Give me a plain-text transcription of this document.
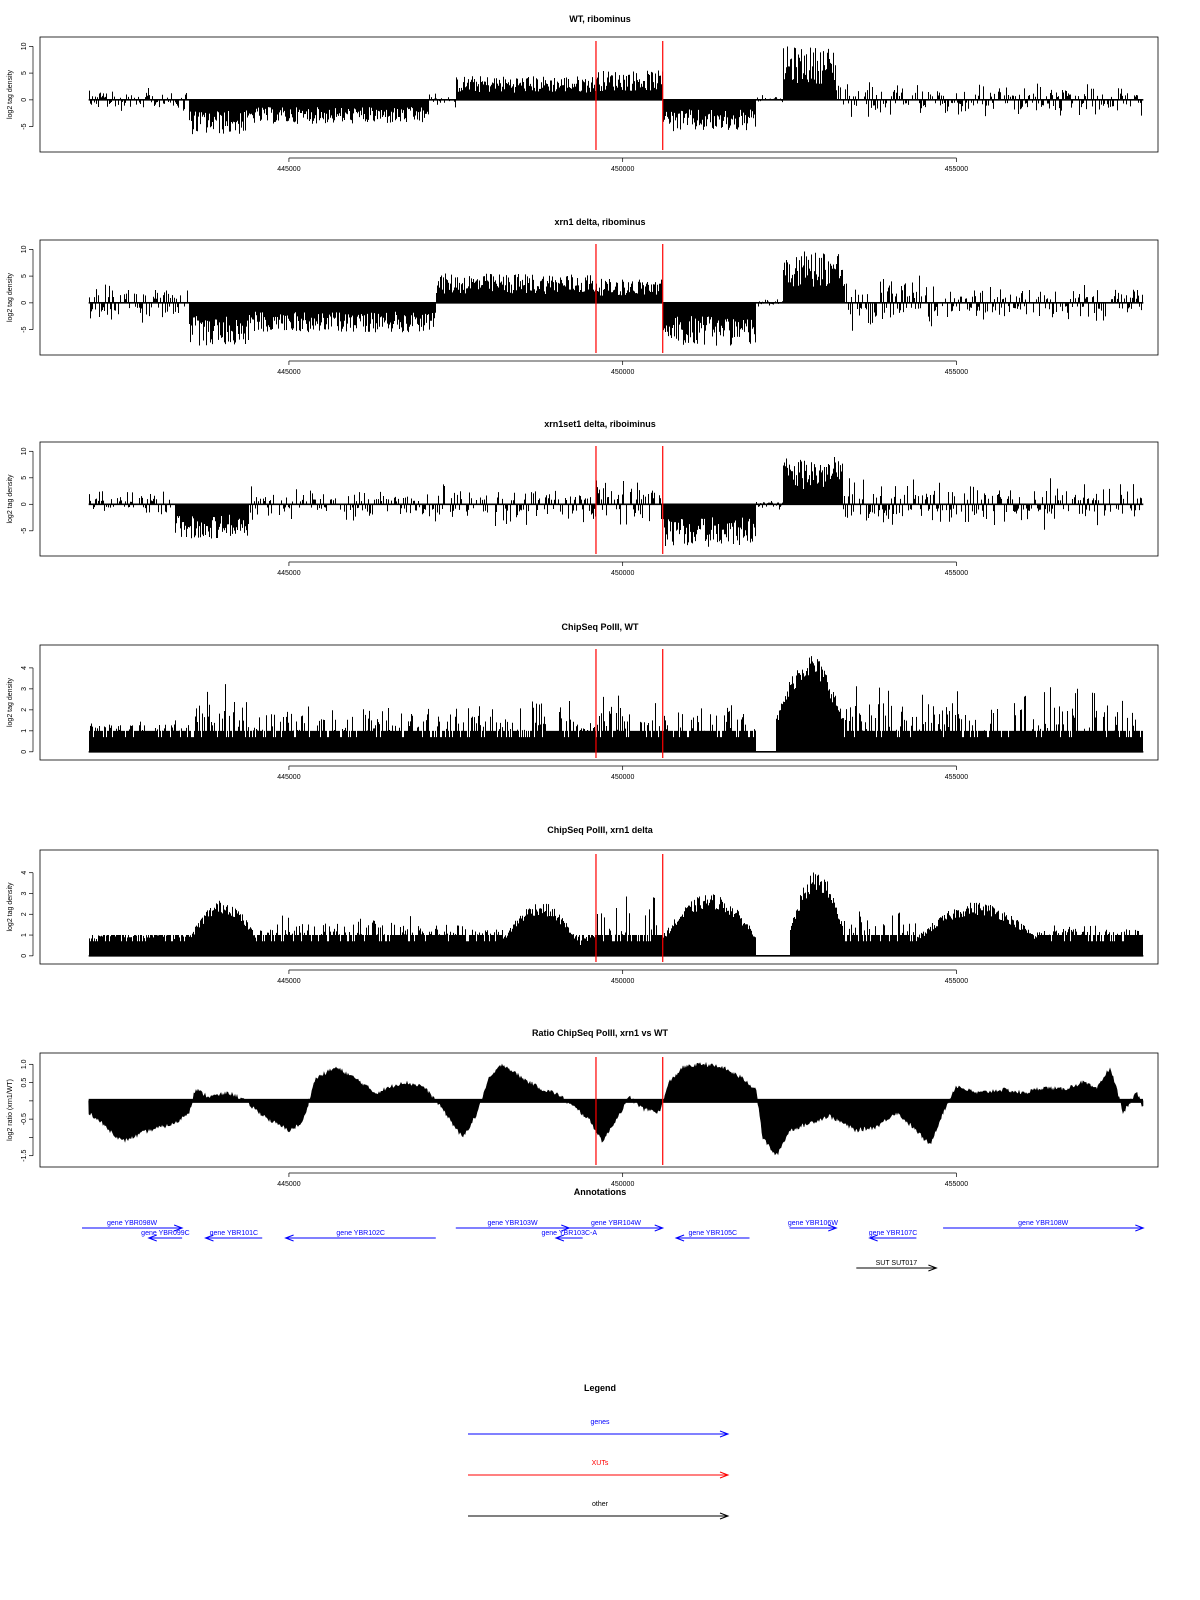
WT, ribominus
-5
0
5
10
log2 tag density
445000	450000	455000
xrn1 delta, ribominus
-5
0
5
10
log2 tag density
445000	450000	455000
xrn1set1 delta, riboiminus
-5
0
5
10
log2 tag density
445000	450000	455000
ChipSeq PolII, WT
0
1
2
3
4
log2 tag density
445000	450000	455000
ChipSeq PolII, xrn1 delta
0
1
2
3
4
log2 tag density
445000	450000	455000
Ratio ChipSeq PolII, xrn1 vs WT
-1.5
-0.5
0.5
1.0
log2 ratio (xrn1/WT)
445000	450000	455000
Annotations
gene YBR098W
gene YBR099C	gene YBR101C	gene YBR102C
gene YBR103W
gene YBR103C-A
gene YBR104W
gene YBR105C
gene YBR106W
gene YBR107C
gene YBR108W
SUT SUT017
Legend
genes
XUTs
other
